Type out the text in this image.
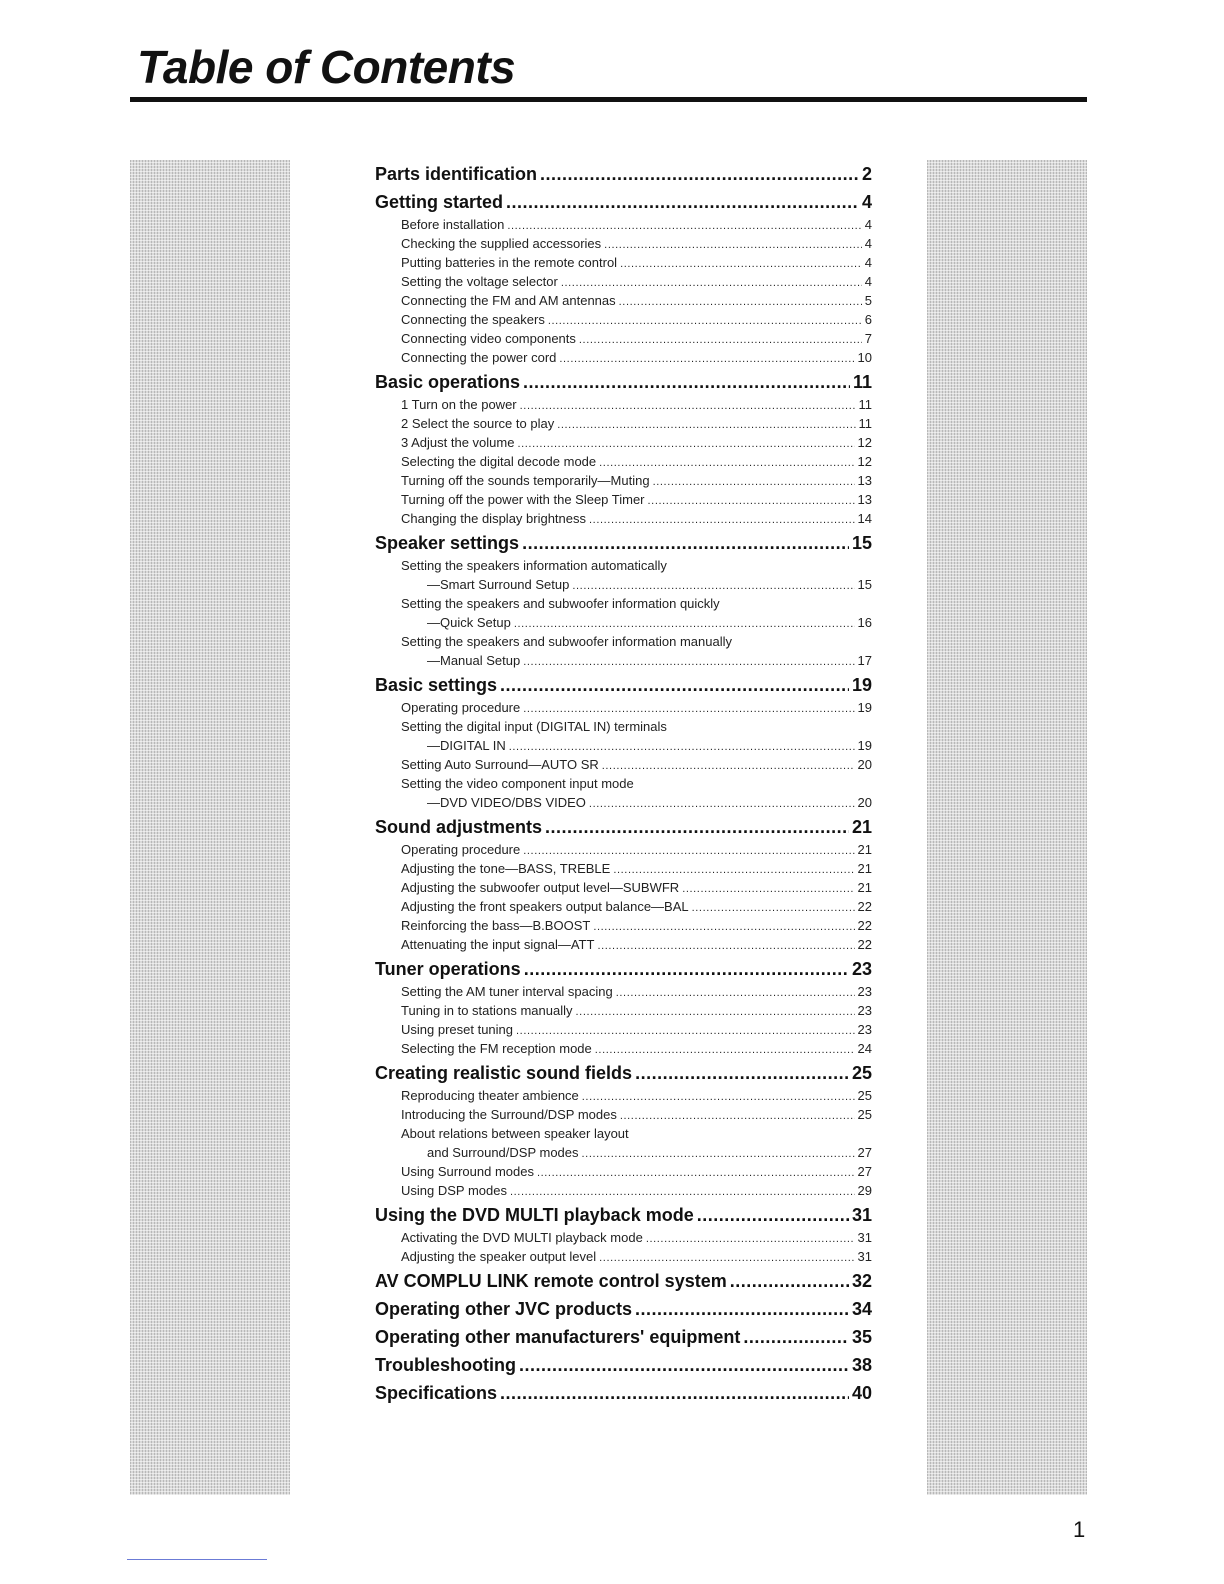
Table of Contents
Parts identification .....	2
Getting started .....	4
Before installation .....	4
Checking the supplied accessories .....	4
Putting batteries in the remote control .....	4
Setting the voltage selector .....	4
Connecting the FM and AM antennas .....	5
Connecting the speakers .....	6
Connecting video components .....	7
Connecting the power cord .....	10
Basic operations .....	11
1 Turn on the power .....	11
2 Select the source to play .....	11
3 Adjust the volume .....	12
Selecting the digital decode mode .....	12
Turning off the sounds temporarily—Muting .....	13
Turning off the power with the Sleep Timer .....	13
Changing the display brightness .....	14
Speaker settings .....	15
Setting the speakers information automatically
—Smart Surround Setup .....	15
Setting the speakers and subwoofer information quickly
—Quick Setup .....	16
Setting the speakers and subwoofer information manually
—Manual Setup .....	17
Basic settings .....	19
Operating procedure .....	19
Setting the digital input (DIGITAL IN) terminals
—DIGITAL IN .....	19
Setting Auto Surround—AUTO SR .....	20
Setting the video component input mode
—DVD VIDEO/DBS VIDEO .....	20
Sound adjustments .....	21
Operating procedure .....	21
Adjusting the tone—BASS, TREBLE .....	21
Adjusting the subwoofer output level—SUBWFR .....	21
Adjusting the front speakers output balance—BAL .....	22
Reinforcing the bass—B.BOOST .....	22
Attenuating the input signal—ATT .....	22
Tuner operations .....	23
Setting the AM tuner interval spacing .....	23
Tuning in to stations manually .....	23
Using preset tuning .....	23
Selecting the FM reception mode .....	24
Creating realistic sound fields .....	25
Reproducing theater ambience .....	25
Introducing the Surround/DSP modes .....	25
About relations between speaker layout
and Surround/DSP modes .....	27
Using Surround modes .....	27
Using DSP modes .....	29
Using the DVD MULTI playback mode .....	31
Activating the DVD MULTI playback mode .....	31
Adjusting the speaker output level .....	31
AV COMPLU LINK remote control system .....	32
Operating other JVC products .....	34
Operating other manufacturers' equipment .....	35
Troubleshooting .....	38
Specifications .....	40
1
